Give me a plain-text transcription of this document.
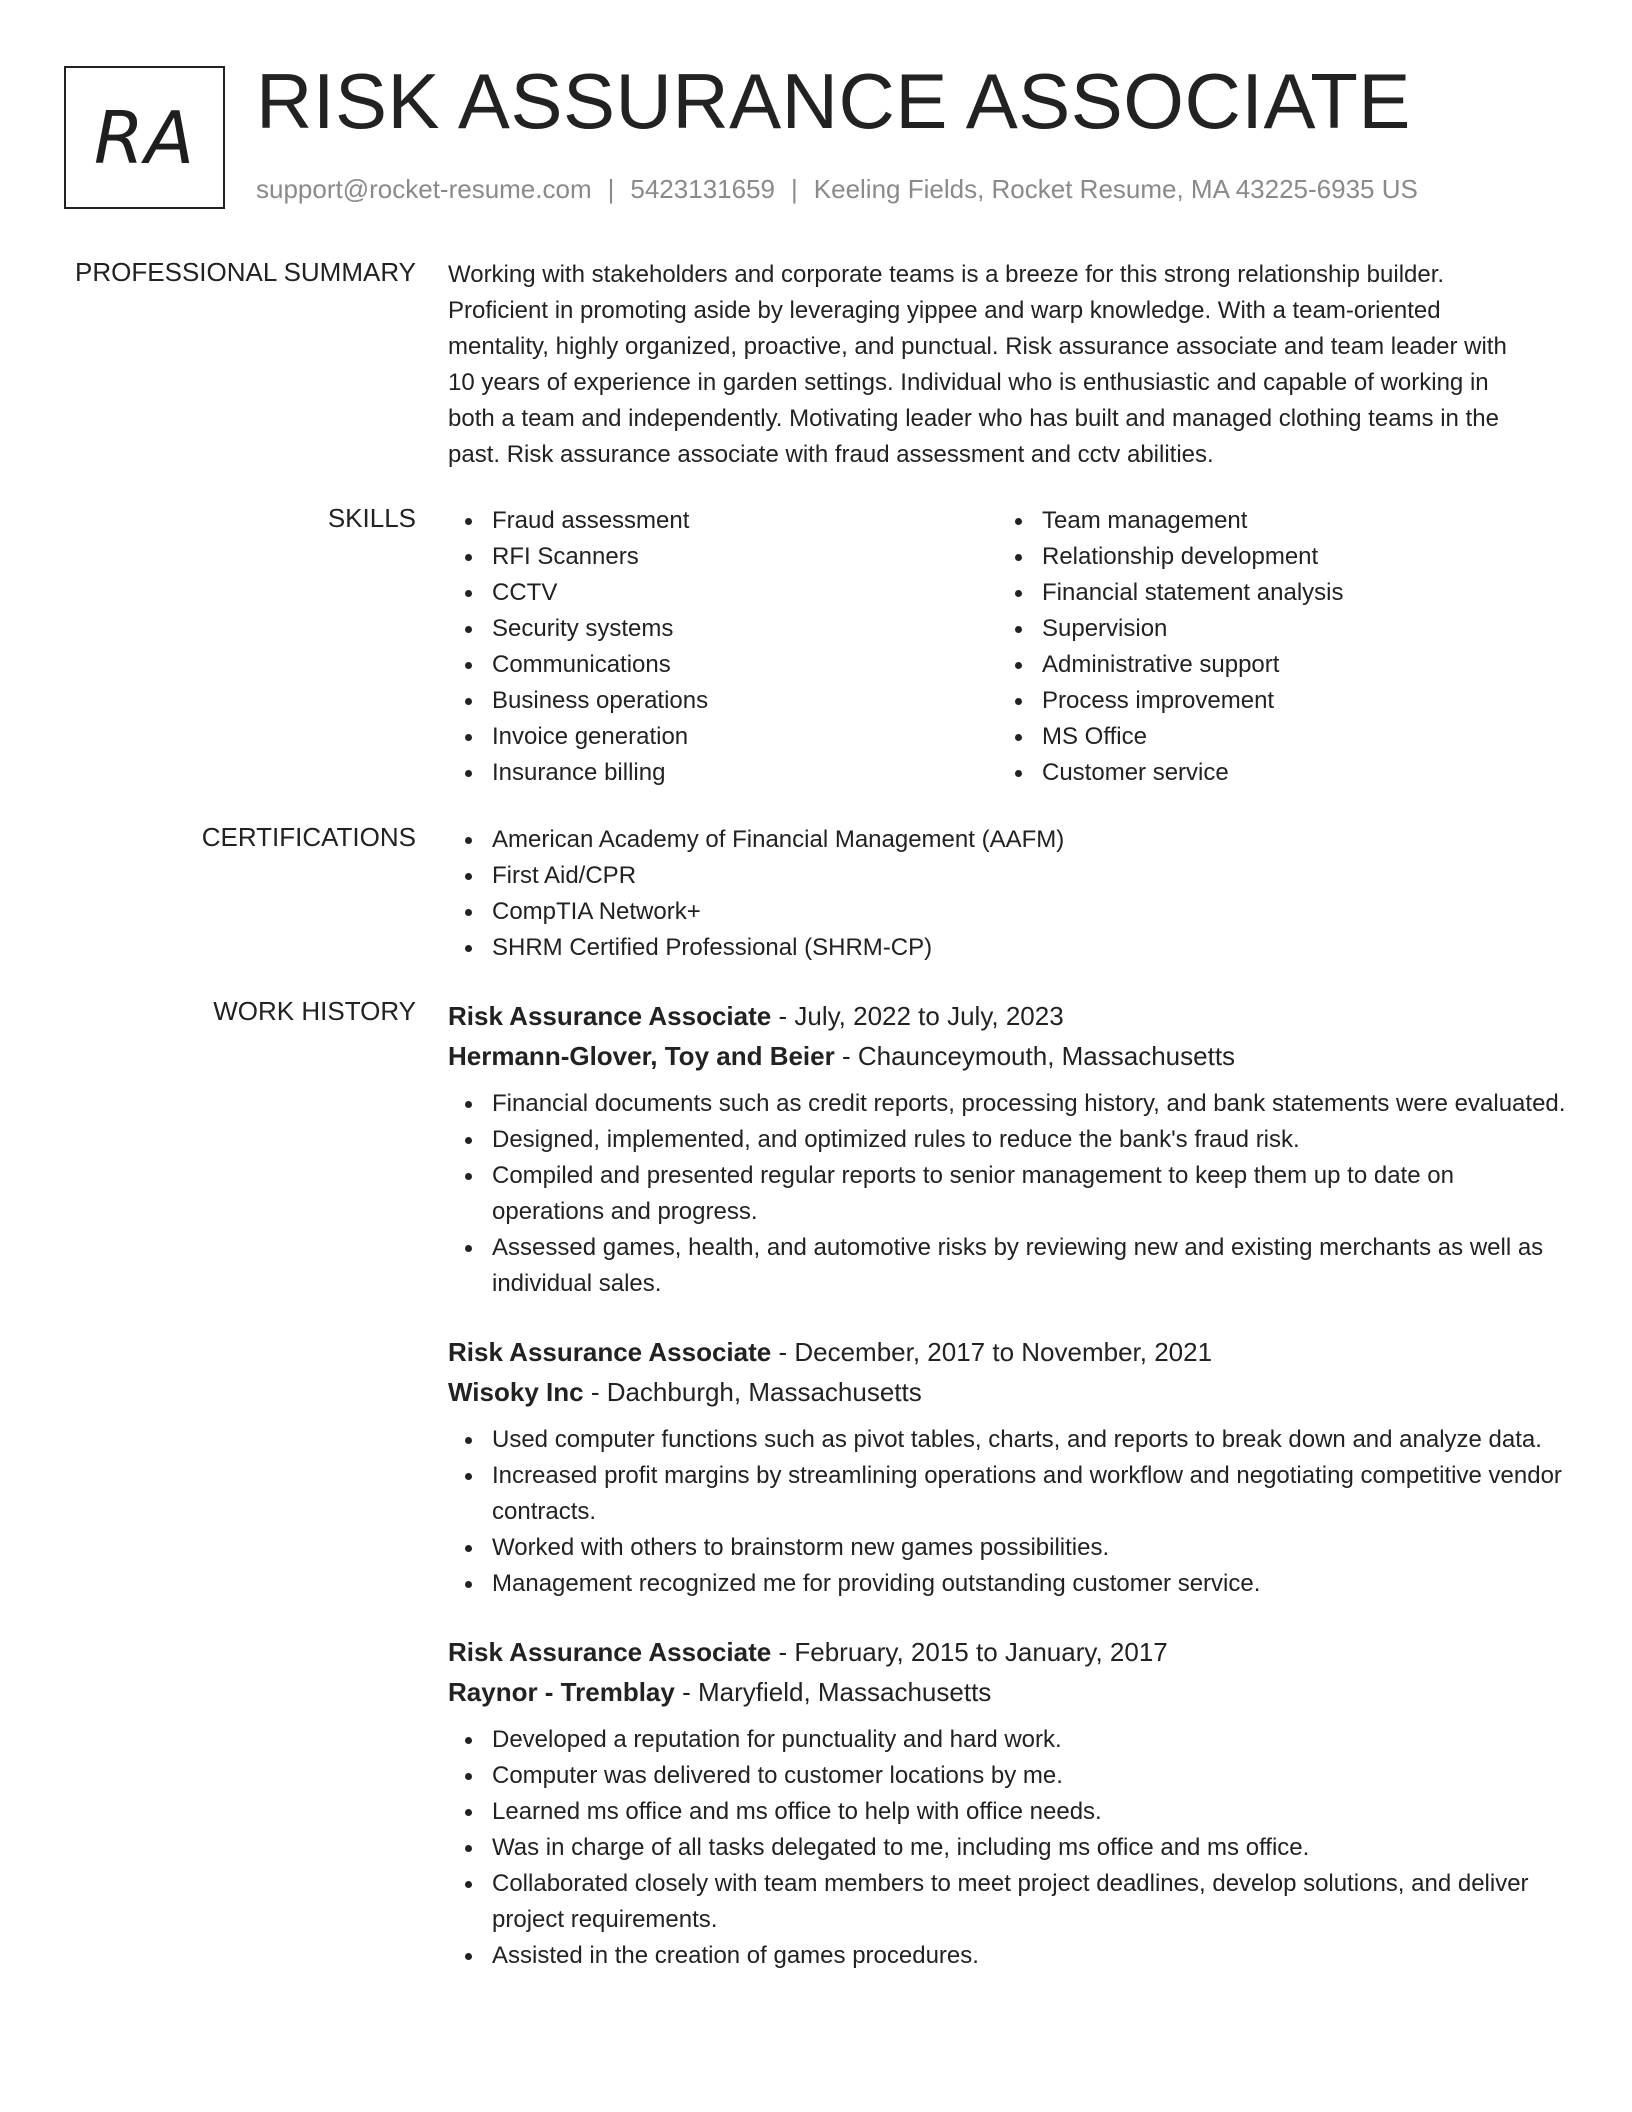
RA RISK ASSURANCE ASSOCIATE
support@rocket-resume.com | 5423131659 | Keeling Fields, Rocket Resume, MA 43225-6935 US
PROFESSIONAL SUMMARY Working with stakeholders and corporate teams is a breeze for this strong relationship builder.
Proficient in promoting aside by leveraging yippee and warp knowledge. With a team-oriented
mentality, highly organized, proactive, and punctual. Risk assurance associate and team leader with
10 years of experience in garden settings. Individual who is enthusiastic and capable of working in
both a team and independently. Motivating leader who has built and managed clothing teams in the
past. Risk assurance associate with fraud assessment and cctv abilities.
SKILLS	Fraud assessment
RFI Scanners
CCTV
Security systems
Communications
Business operations
Invoice generation
Insurance billing
Team management
Relationship development
Financial statement analysis
Supervision
Administrative support
Process improvement
MS Office
Customer service
CERTIFICATIONS	American Academy of Financial Management (AAFM)
First Aid/CPR
CompTIA Network+
SHRM Certified Professional (SHRM-CP)
WORK HISTORY Risk Assurance Associate - July, 2022 to July, 2023
Hermann-Glover, Toy and Beier - Chaunceymouth, Massachusetts
Financial documents such as credit reports, processing history, and bank statements were evaluated.
Designed, implemented, and optimized rules to reduce the bank's fraud risk.
Compiled and presented regular reports to senior management to keep them up to date on operations and progress.
Assessed games, health, and automotive risks by reviewing new and existing merchants as well as individual sales.
Risk Assurance Associate - December, 2017 to November, 2021
Wisoky Inc - Dachburgh, Massachusetts
Used computer functions such as pivot tables, charts, and reports to break down and analyze data.
Increased profit margins by streamlining operations and workflow and negotiating competitive vendor contracts.
Worked with others to brainstorm new games possibilities.
Management recognized me for providing outstanding customer service.
Risk Assurance Associate - February, 2015 to January, 2017
Raynor - Tremblay - Maryfield, Massachusetts
Developed a reputation for punctuality and hard work.
Computer was delivered to customer locations by me.
Learned ms office and ms office to help with office needs.
Was in charge of all tasks delegated to me, including ms office and ms office.
Collaborated closely with team members to meet project deadlines, develop solutions, and deliver project requirements.
Assisted in the creation of games procedures.
